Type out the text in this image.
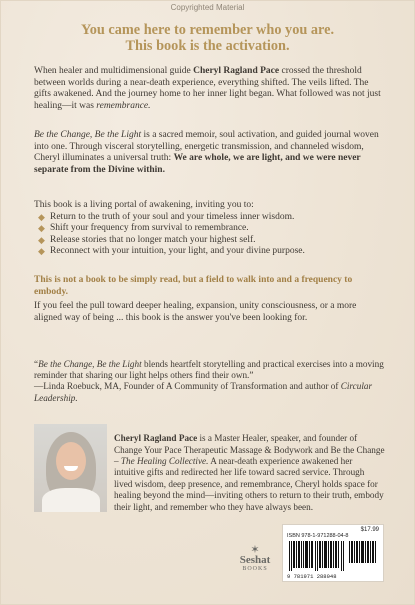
Copyrighted Material
You came here to remember who you are.
This book is the activation.

When healer and multidimensional guide Cheryl Ragland Pace crossed the threshold between worlds during a near-death experience, everything shifted. The veils lifted. The gifts awakened. And the journey home to her inner light began. What followed was not just healing—it was remembrance.

Be the Change, Be the Light is a sacred memoir, soul activation, and guided journal woven into one. Through visceral storytelling, energetic transmission, and channeled wisdom, Cheryl illuminates a universal truth: We are whole, we are light, and we were never separate from the Divine within.

This book is a living portal of awakening, inviting you to:

◆ Return to the truth of your soul and your timeless inner wisdom.
◆ Shift your frequency from survival to remembrance.
◆ Release stories that no longer match your highest self.
◆ Reconnect with your intuition, your light, and your divine purpose.
This is not a book to be simply read, but a field to walk into and a frequency to embody.
If you feel the pull toward deeper healing, expansion, unity consciousness, or a more aligned way of being ... this book is the answer you've been looking for.

“Be the Change, Be the Light blends heartfelt storytelling and practical exercises into a moving reminder that sharing our light helps others find their own.”

—Linda Roebuck, MA, Founder of A Community of Transformation and author of Circular Leadership.

Cheryl Ragland Pace is a Master Healer, speaker, and founder of Change Your Pace Therapeutic Massage & Bodywork and Be the Change – The Healing Collective. A near-death experience awakened her intuitive gifts and redirected her life toward sacred service. Through lived wisdom, deep presence, and remembrance, Cheryl holds space for healing beyond the mind—inviting others to return to their truth, embody their light, and remember who they have always been.

✶
Seshat
BOOKS
$17.99
ISBN 978-1-971288-04-8
9 781971 288048
